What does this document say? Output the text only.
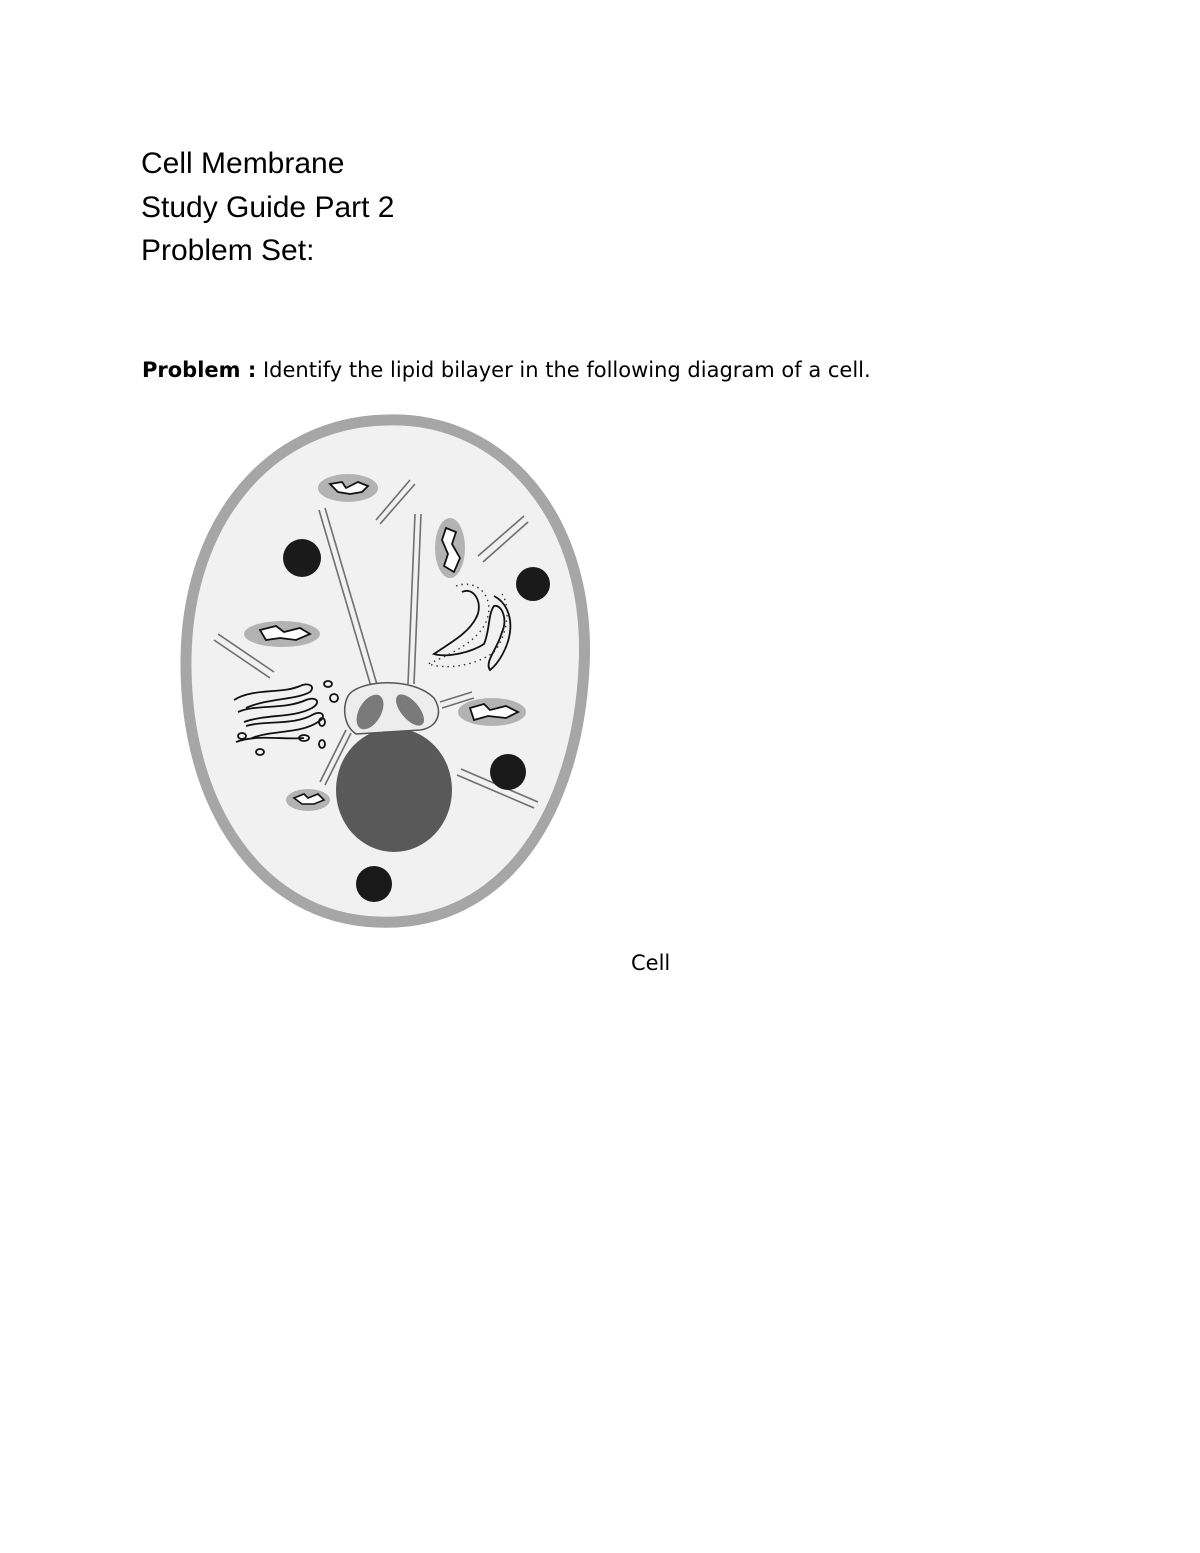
Cell Membrane
Study Guide Part 2
Problem Set:
Problem : Identify the lipid bilayer in the following diagram of a cell.
Cell
